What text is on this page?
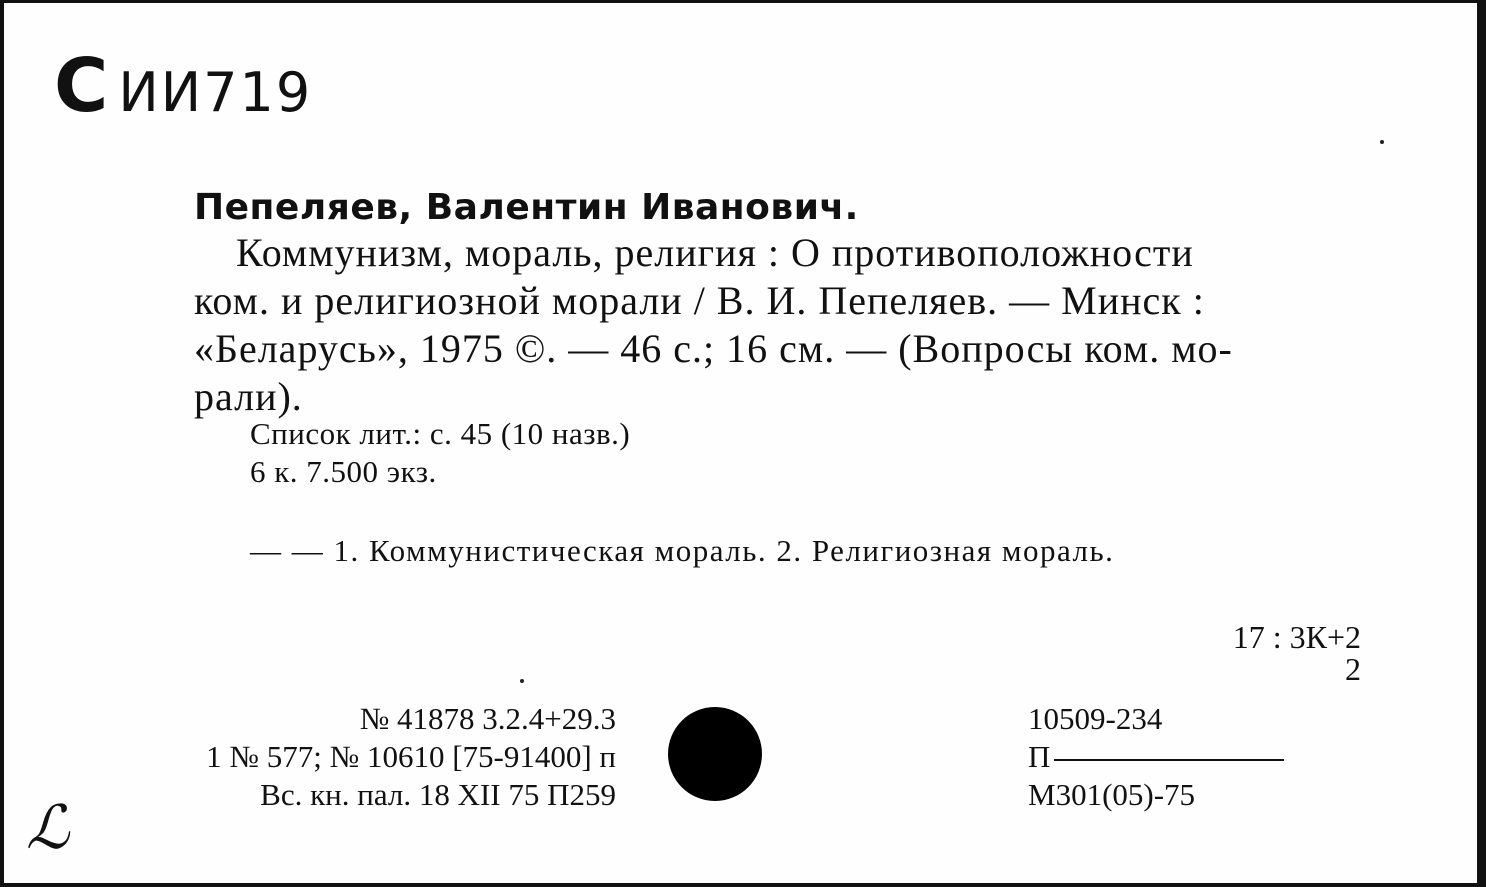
С ИИ719
Пепеляев, Валентин Иванович.
Коммунизм, мораль, религия : О противоположности
ком. и религиозной морали / В. И. Пепеляев. — Минск :
«Беларусь», 1975 ©. — 46 с.; 16 см. — (Вопросы ком. мо-
рали).
Список лит.: с. 45 (10 назв.)
6 к. 7.500 экз.
— — 1. Коммунистическая мораль. 2. Религиозная мораль.
17 : 3К+2
2
№ 41878 3.2.4+29.3
1 № 577; № 10610 [75-91400] п
Вс. кн. пал. 18 XII 75 П259
10509-234
П
М301(05)-75
ℒ
